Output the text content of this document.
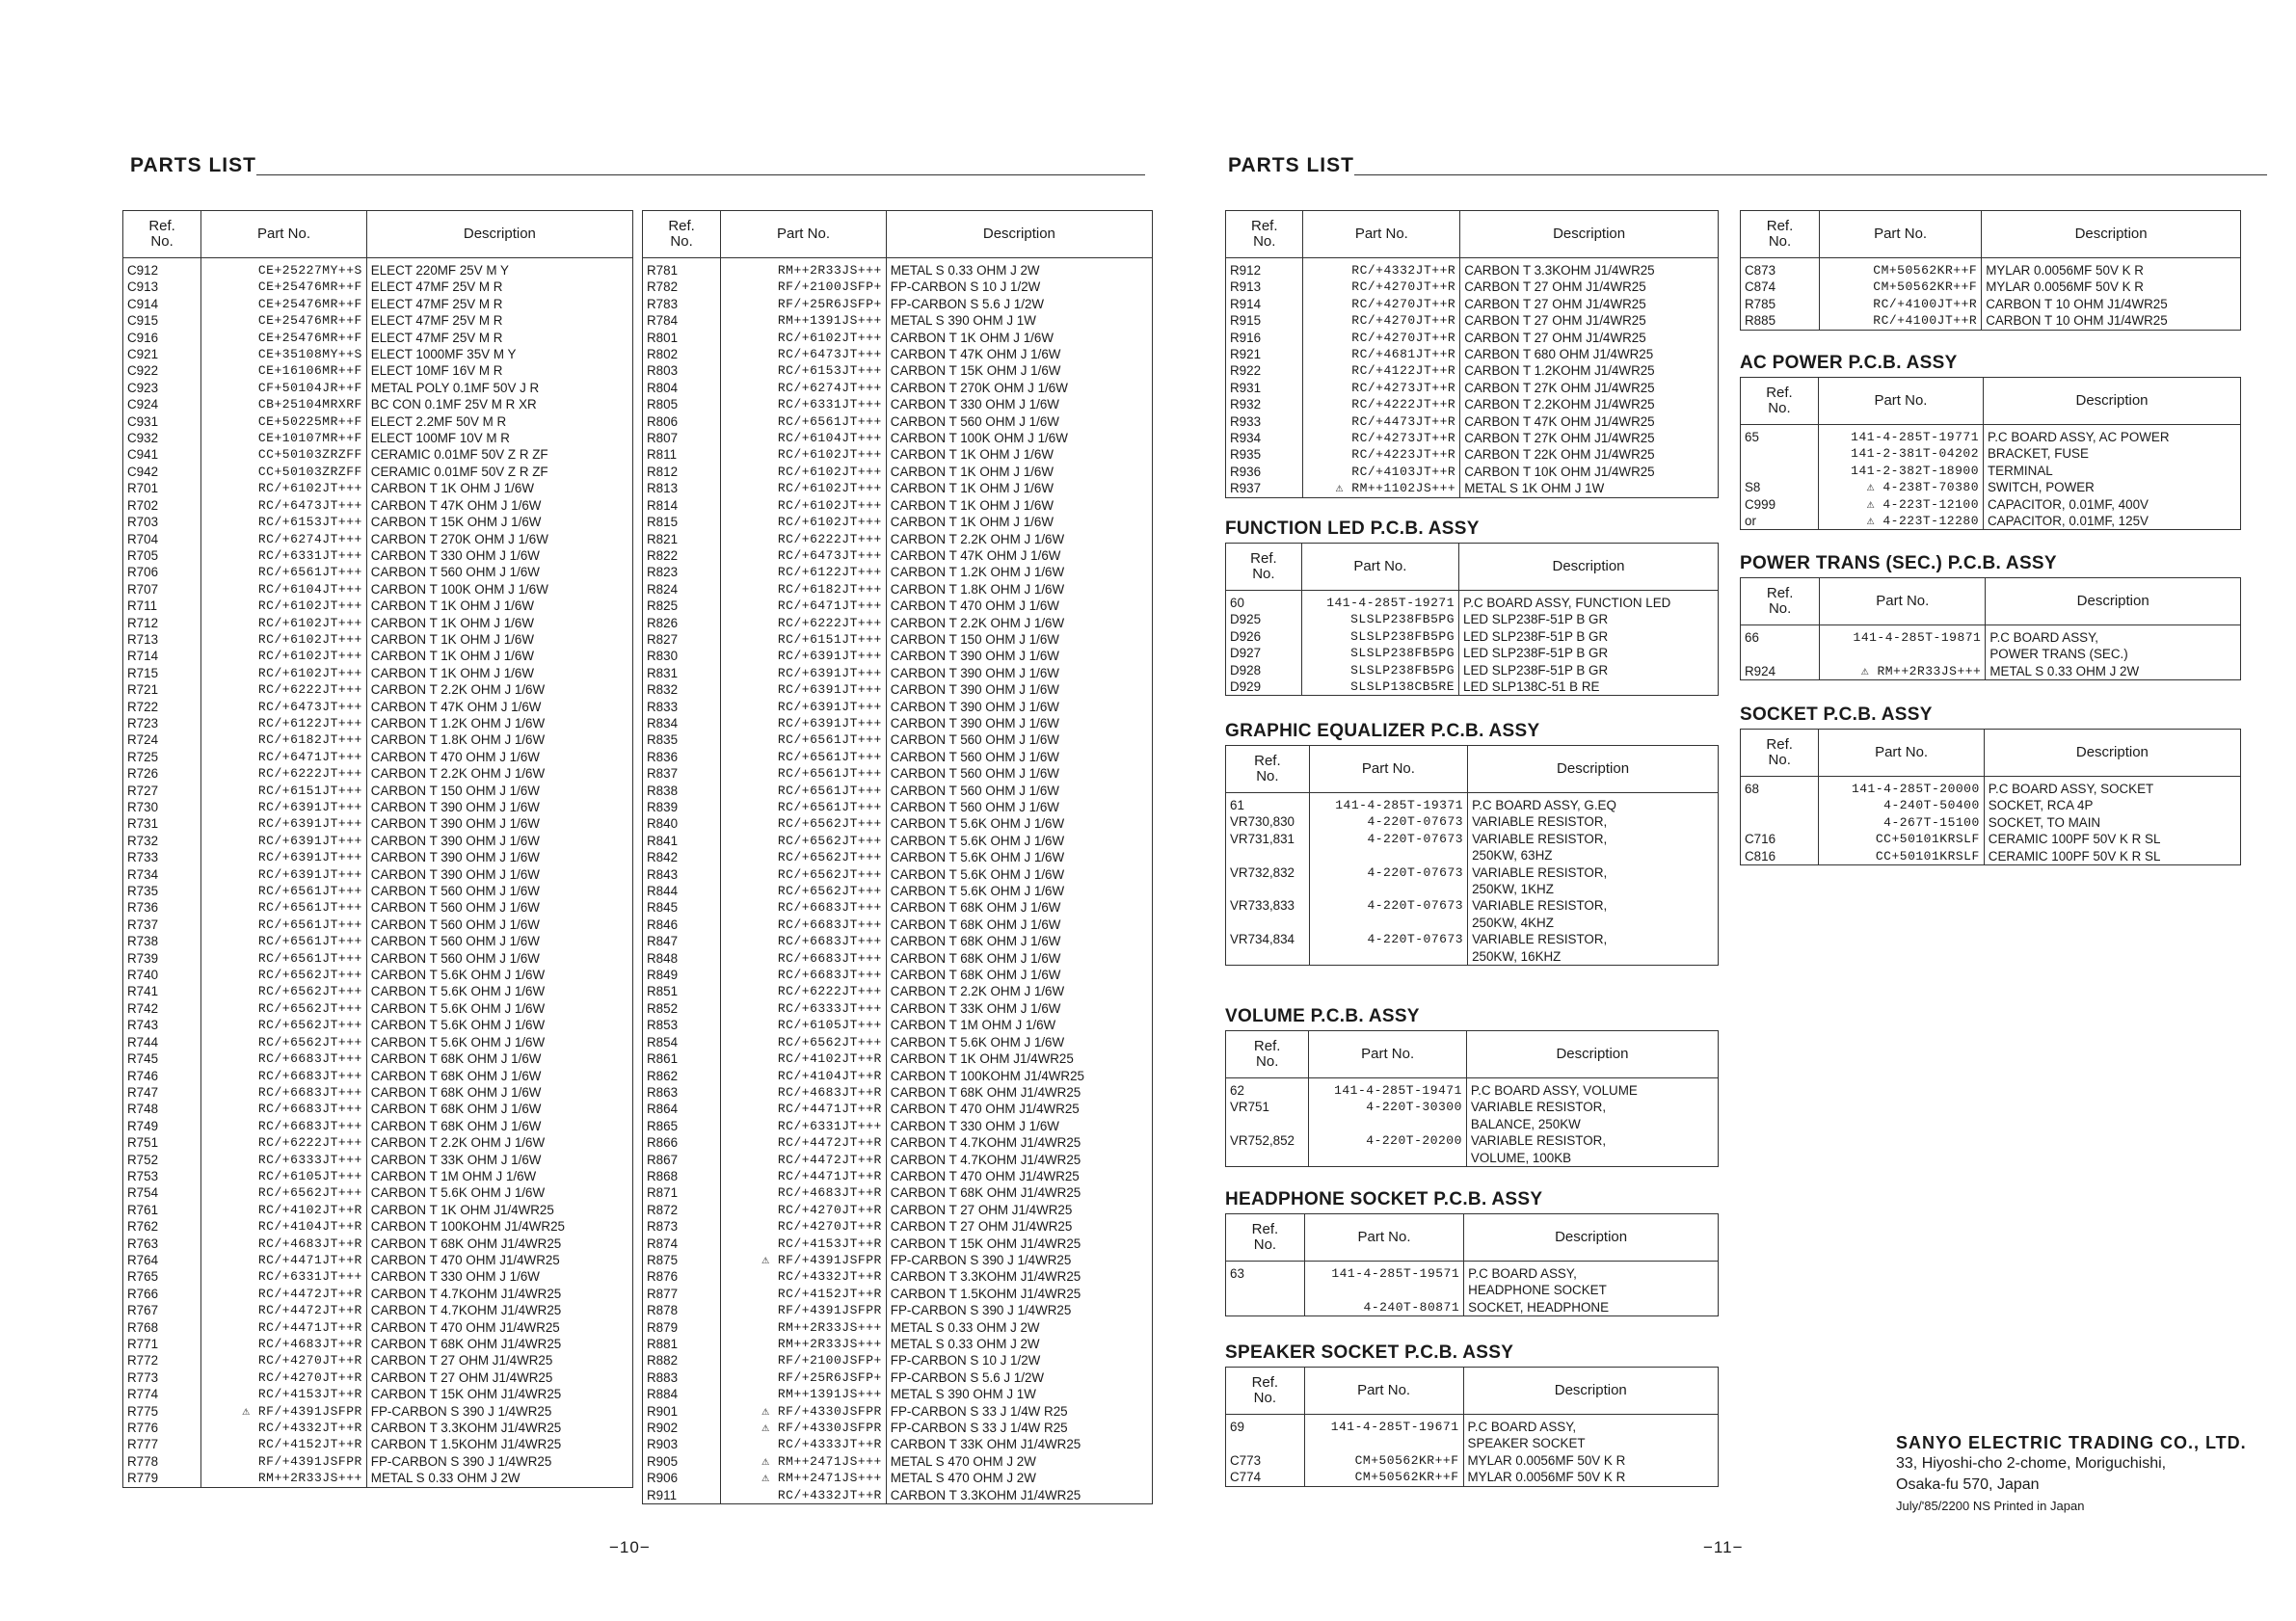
PARTS LIST
Ref.
No.	Part No.	Description

C912	CE+25227MY++S	ELECT 220MF 25V M Y
C913	CE+25476MR++F	ELECT 47MF 25V M R
C914	CE+25476MR++F	ELECT 47MF 25V M R
C915	CE+25476MR++F	ELECT 47MF 25V M R
C916	CE+25476MR++F	ELECT 47MF 25V M R
C921	CE+35108MY++S	ELECT 1000MF 35V M Y
C922	CE+16106MR++F	ELECT 10MF 16V M R
C923	CF+50104JR++F	METAL POLY 0.1MF 50V J R
C924	CB+25104MRXRF	BC CON 0.1MF 25V M R XR
C931	CE+50225MR++F	ELECT 2.2MF 50V M R
C932	CE+10107MR++F	ELECT 100MF 10V M R
C941	CC+50103ZRZFF	CERAMIC 0.01MF 50V Z R ZF
C942	CC+50103ZRZFF	CERAMIC 0.01MF 50V Z R ZF
R701	RC/+6102JT+++	CARBON T 1K OHM J 1/6W
R702	RC/+6473JT+++	CARBON T 47K OHM J 1/6W
R703	RC/+6153JT+++	CARBON T 15K OHM J 1/6W
R704	RC/+6274JT+++	CARBON T 270K OHM J 1/6W
R705	RC/+6331JT+++	CARBON T 330 OHM J 1/6W
R706	RC/+6561JT+++	CARBON T 560 OHM J 1/6W
R707	RC/+6104JT+++	CARBON T 100K OHM J 1/6W
R711	RC/+6102JT+++	CARBON T 1K OHM J 1/6W
R712	RC/+6102JT+++	CARBON T 1K OHM J 1/6W
R713	RC/+6102JT+++	CARBON T 1K OHM J 1/6W
R714	RC/+6102JT+++	CARBON T 1K OHM J 1/6W
R715	RC/+6102JT+++	CARBON T 1K OHM J 1/6W
R721	RC/+6222JT+++	CARBON T 2.2K OHM J 1/6W
R722	RC/+6473JT+++	CARBON T 47K OHM J 1/6W
R723	RC/+6122JT+++	CARBON T 1.2K OHM J 1/6W
R724	RC/+6182JT+++	CARBON T 1.8K OHM J 1/6W
R725	RC/+6471JT+++	CARBON T 470 OHM J 1/6W
R726	RC/+6222JT+++	CARBON T 2.2K OHM J 1/6W
R727	RC/+6151JT+++	CARBON T 150 OHM J 1/6W
R730	RC/+6391JT+++	CARBON T 390 OHM J 1/6W
R731	RC/+6391JT+++	CARBON T 390 OHM J 1/6W
R732	RC/+6391JT+++	CARBON T 390 OHM J 1/6W
R733	RC/+6391JT+++	CARBON T 390 OHM J 1/6W
R734	RC/+6391JT+++	CARBON T 390 OHM J 1/6W
R735	RC/+6561JT+++	CARBON T 560 OHM J 1/6W
R736	RC/+6561JT+++	CARBON T 560 OHM J 1/6W
R737	RC/+6561JT+++	CARBON T 560 OHM J 1/6W
R738	RC/+6561JT+++	CARBON T 560 OHM J 1/6W
R739	RC/+6561JT+++	CARBON T 560 OHM J 1/6W
R740	RC/+6562JT+++	CARBON T 5.6K OHM J 1/6W
R741	RC/+6562JT+++	CARBON T 5.6K OHM J 1/6W
R742	RC/+6562JT+++	CARBON T 5.6K OHM J 1/6W
R743	RC/+6562JT+++	CARBON T 5.6K OHM J 1/6W
R744	RC/+6562JT+++	CARBON T 5.6K OHM J 1/6W
R745	RC/+6683JT+++	CARBON T 68K OHM J 1/6W
R746	RC/+6683JT+++	CARBON T 68K OHM J 1/6W
R747	RC/+6683JT+++	CARBON T 68K OHM J 1/6W
R748	RC/+6683JT+++	CARBON T 68K OHM J 1/6W
R749	RC/+6683JT+++	CARBON T 68K OHM J 1/6W
R751	RC/+6222JT+++	CARBON T 2.2K OHM J 1/6W
R752	RC/+6333JT+++	CARBON T 33K OHM J 1/6W
R753	RC/+6105JT+++	CARBON T 1M OHM J 1/6W
R754	RC/+6562JT+++	CARBON T 5.6K OHM J 1/6W
R761	RC/+4102JT++R	CARBON T 1K OHM J1/4WR25
R762	RC/+4104JT++R	CARBON T 100KOHM J1/4WR25
R763	RC/+4683JT++R	CARBON T 68K OHM J1/4WR25
R764	RC/+4471JT++R	CARBON T 470 OHM J1/4WR25
R765	RC/+6331JT+++	CARBON T 330 OHM J 1/6W
R766	RC/+4472JT++R	CARBON T 4.7KOHM J1/4WR25
R767	RC/+4472JT++R	CARBON T 4.7KOHM J1/4WR25
R768	RC/+4471JT++R	CARBON T 470 OHM J1/4WR25
R771	RC/+4683JT++R	CARBON T 68K OHM J1/4WR25
R772	RC/+4270JT++R	CARBON T 27 OHM J1/4WR25
R773	RC/+4270JT++R	CARBON T 27 OHM J1/4WR25
R774	RC/+4153JT++R	CARBON T 15K OHM J1/4WR25
R775	⚠ RF/+4391JSFPR	FP-CARBON S 390 J 1/4WR25
R776	RC/+4332JT++R	CARBON T 3.3KOHM J1/4WR25
R777	RC/+4152JT++R	CARBON T 1.5KOHM J1/4WR25
R778	RF/+4391JSFPR	FP-CARBON S 390 J 1/4WR25
R779	RM++2R33JS+++	METAL S 0.33 OHM J 2W
Ref.
No.	Part No.	Description

R781	RM++2R33JS+++	METAL S 0.33 OHM J 2W
R782	RF/+2100JSFP+	FP-CARBON S 10 J 1/2W
R783	RF/+25R6JSFP+	FP-CARBON S 5.6 J 1/2W
R784	RM++1391JS+++	METAL S 390 OHM J 1W
R801	RC/+6102JT+++	CARBON T 1K OHM J 1/6W
R802	RC/+6473JT+++	CARBON T 47K OHM J 1/6W
R803	RC/+6153JT+++	CARBON T 15K OHM J 1/6W
R804	RC/+6274JT+++	CARBON T 270K OHM J 1/6W
R805	RC/+6331JT+++	CARBON T 330 OHM J 1/6W
R806	RC/+6561JT+++	CARBON T 560 OHM J 1/6W
R807	RC/+6104JT+++	CARBON T 100K OHM J 1/6W
R811	RC/+6102JT+++	CARBON T 1K OHM J 1/6W
R812	RC/+6102JT+++	CARBON T 1K OHM J 1/6W
R813	RC/+6102JT+++	CARBON T 1K OHM J 1/6W
R814	RC/+6102JT+++	CARBON T 1K OHM J 1/6W
R815	RC/+6102JT+++	CARBON T 1K OHM J 1/6W
R821	RC/+6222JT+++	CARBON T 2.2K OHM J 1/6W
R822	RC/+6473JT+++	CARBON T 47K OHM J 1/6W
R823	RC/+6122JT+++	CARBON T 1.2K OHM J 1/6W
R824	RC/+6182JT+++	CARBON T 1.8K OHM J 1/6W
R825	RC/+6471JT+++	CARBON T 470 OHM J 1/6W
R826	RC/+6222JT+++	CARBON T 2.2K OHM J 1/6W
R827	RC/+6151JT+++	CARBON T 150 OHM J 1/6W
R830	RC/+6391JT+++	CARBON T 390 OHM J 1/6W
R831	RC/+6391JT+++	CARBON T 390 OHM J 1/6W
R832	RC/+6391JT+++	CARBON T 390 OHM J 1/6W
R833	RC/+6391JT+++	CARBON T 390 OHM J 1/6W
R834	RC/+6391JT+++	CARBON T 390 OHM J 1/6W
R835	RC/+6561JT+++	CARBON T 560 OHM J 1/6W
R836	RC/+6561JT+++	CARBON T 560 OHM J 1/6W
R837	RC/+6561JT+++	CARBON T 560 OHM J 1/6W
R838	RC/+6561JT+++	CARBON T 560 OHM J 1/6W
R839	RC/+6561JT+++	CARBON T 560 OHM J 1/6W
R840	RC/+6562JT+++	CARBON T 5.6K OHM J 1/6W
R841	RC/+6562JT+++	CARBON T 5.6K OHM J 1/6W
R842	RC/+6562JT+++	CARBON T 5.6K OHM J 1/6W
R843	RC/+6562JT+++	CARBON T 5.6K OHM J 1/6W
R844	RC/+6562JT+++	CARBON T 5.6K OHM J 1/6W
R845	RC/+6683JT+++	CARBON T 68K OHM J 1/6W
R846	RC/+6683JT+++	CARBON T 68K OHM J 1/6W
R847	RC/+6683JT+++	CARBON T 68K OHM J 1/6W
R848	RC/+6683JT+++	CARBON T 68K OHM J 1/6W
R849	RC/+6683JT+++	CARBON T 68K OHM J 1/6W
R851	RC/+6222JT+++	CARBON T 2.2K OHM J 1/6W
R852	RC/+6333JT+++	CARBON T 33K OHM J 1/6W
R853	RC/+6105JT+++	CARBON T 1M OHM J 1/6W
R854	RC/+6562JT+++	CARBON T 5.6K OHM J 1/6W
R861	RC/+4102JT++R	CARBON T 1K OHM J1/4WR25
R862	RC/+4104JT++R	CARBON T 100KOHM J1/4WR25
R863	RC/+4683JT++R	CARBON T 68K OHM J1/4WR25
R864	RC/+4471JT++R	CARBON T 470 OHM J1/4WR25
R865	RC/+6331JT+++	CARBON T 330 OHM J 1/6W
R866	RC/+4472JT++R	CARBON T 4.7KOHM J1/4WR25
R867	RC/+4472JT++R	CARBON T 4.7KOHM J1/4WR25
R868	RC/+4471JT++R	CARBON T 470 OHM J1/4WR25
R871	RC/+4683JT++R	CARBON T 68K OHM J1/4WR25
R872	RC/+4270JT++R	CARBON T 27 OHM J1/4WR25
R873	RC/+4270JT++R	CARBON T 27 OHM J1/4WR25
R874	RC/+4153JT++R	CARBON T 15K OHM J1/4WR25
R875	⚠ RF/+4391JSFPR	FP-CARBON S 390 J 1/4WR25
R876	RC/+4332JT++R	CARBON T 3.3KOHM J1/4WR25
R877	RC/+4152JT++R	CARBON T 1.5KOHM J1/4WR25
R878	RF/+4391JSFPR	FP-CARBON S 390 J 1/4WR25
R879	RM++2R33JS+++	METAL S 0.33 OHM J 2W
R881	RM++2R33JS+++	METAL S 0.33 OHM J 2W
R882	RF/+2100JSFP+	FP-CARBON S 10 J 1/2W
R883	RF/+25R6JSFP+	FP-CARBON S 5.6 J 1/2W
R884	RM++1391JS+++	METAL S 390 OHM J 1W
R901	⚠ RF/+4330JSFPR	FP-CARBON S 33 J 1/4W R25
R902	⚠ RF/+4330JSFPR	FP-CARBON S 33 J 1/4W R25
R903	RC/+4333JT++R	CARBON T 33K OHM J1/4WR25
R905	⚠ RM++2471JS+++	METAL S 470 OHM J 2W
R906	⚠ RM++2471JS+++	METAL S 470 OHM J 2W
R911	RC/+4332JT++R	CARBON T 3.3KOHM J1/4WR25
−10−
PARTS LIST
Ref.
No.	Part No.	Description

R912	RC/+4332JT++R	CARBON T 3.3KOHM J1/4WR25
R913	RC/+4270JT++R	CARBON T 27 OHM J1/4WR25
R914	RC/+4270JT++R	CARBON T 27 OHM J1/4WR25
R915	RC/+4270JT++R	CARBON T 27 OHM J1/4WR25
R916	RC/+4270JT++R	CARBON T 27 OHM J1/4WR25
R921	RC/+4681JT++R	CARBON T 680 OHM J1/4WR25
R922	RC/+4122JT++R	CARBON T 1.2KOHM J1/4WR25
R931	RC/+4273JT++R	CARBON T 27K OHM J1/4WR25
R932	RC/+4222JT++R	CARBON T 2.2KOHM J1/4WR25
R933	RC/+4473JT++R	CARBON T 47K OHM J1/4WR25
R934	RC/+4273JT++R	CARBON T 27K OHM J1/4WR25
R935	RC/+4223JT++R	CARBON T 22K OHM J1/4WR25
R936	RC/+4103JT++R	CARBON T 10K OHM J1/4WR25
R937	⚠ RM++1102JS+++	METAL S 1K OHM J 1W
FUNCTION LED P.C.B. ASSY
Ref.
No.	Part No.	Description

60	141-4-285T-19271	P.C BOARD ASSY, FUNCTION LED
D925	SLSLP238FB5PG	LED SLP238F-51P B GR
D926	SLSLP238FB5PG	LED SLP238F-51P B GR
D927	SLSLP238FB5PG	LED SLP238F-51P B GR
D928	SLSLP238FB5PG	LED SLP238F-51P B GR
D929	SLSLP138CB5RE	LED SLP138C-51 B RE
GRAPHIC EQUALIZER P.C.B. ASSY
Ref.
No.	Part No.	Description

61	141-4-285T-19371	P.C BOARD ASSY, G.EQ
VR730,830	4-220T-07673	VARIABLE RESISTOR,

VR731,831	4-220T-07673	VARIABLE RESISTOR,
		250KW, 63HZ
VR732,832	4-220T-07673	VARIABLE RESISTOR,
		250KW, 1KHZ
VR733,833	4-220T-07673	VARIABLE RESISTOR,
		250KW, 4KHZ
VR734,834	4-220T-07673	VARIABLE RESISTOR,
		250KW, 16KHZ
VOLUME P.C.B. ASSY
Ref.
No.	Part No.	Description

62	141-4-285T-19471	P.C BOARD ASSY, VOLUME
VR751	4-220T-30300	VARIABLE RESISTOR,
		BALANCE, 250KW
VR752,852	4-220T-20200	VARIABLE RESISTOR,
		VOLUME, 100KB
HEADPHONE SOCKET P.C.B. ASSY
Ref.
No.	Part No.	Description

63	141-4-285T-19571	P.C BOARD ASSY,
		HEADPHONE SOCKET
	4-240T-80871	SOCKET, HEADPHONE
SPEAKER SOCKET P.C.B. ASSY
Ref.
No.	Part No.	Description

69	141-4-285T-19671	P.C BOARD ASSY,
		SPEAKER SOCKET
C773	CM+50562KR++F	MYLAR 0.0056MF 50V K R
C774	CM+50562KR++F	MYLAR 0.0056MF 50V K R
Ref.
No.	Part No.	Description

C873	CM+50562KR++F	MYLAR 0.0056MF 50V K R
C874	CM+50562KR++F	MYLAR 0.0056MF 50V K R
R785	RC/+4100JT++R	CARBON T 10 OHM J1/4WR25
R885	RC/+4100JT++R	CARBON T 10 OHM J1/4WR25
AC POWER P.C.B. ASSY
Ref.
No.	Part No.	Description

65	141-4-285T-19771	P.C BOARD ASSY, AC POWER
	141-2-381T-04202	BRACKET, FUSE
	141-2-382T-18900	TERMINAL
S8	⚠ 4-238T-70380	SWITCH, POWER
C999	⚠ 4-223T-12100	CAPACITOR, 0.01MF, 400V
or	⚠ 4-223T-12280	CAPACITOR, 0.01MF, 125V
POWER TRANS (SEC.) P.C.B. ASSY
Ref.
No.	Part No.	Description

66	141-4-285T-19871	P.C BOARD ASSY,
		POWER TRANS (SEC.)
R924	⚠ RM++2R33JS+++	METAL S 0.33 OHM J 2W
SOCKET P.C.B. ASSY
Ref.
No.	Part No.	Description

68	141-4-285T-20000	P.C BOARD ASSY, SOCKET
	4-240T-50400	SOCKET, RCA 4P
	4-267T-15100	SOCKET, TO MAIN
C716	CC+50101KRSLF	CERAMIC 100PF 50V K R SL
C816	CC+50101KRSLF	CERAMIC 100PF 50V K R SL
SANYO ELECTRIC TRADING CO., LTD.
33, Hiyoshi-cho 2-chome, Moriguchishi,
Osaka-fu 570, Japan
July/'85/2200 NS Printed in Japan
−11−
